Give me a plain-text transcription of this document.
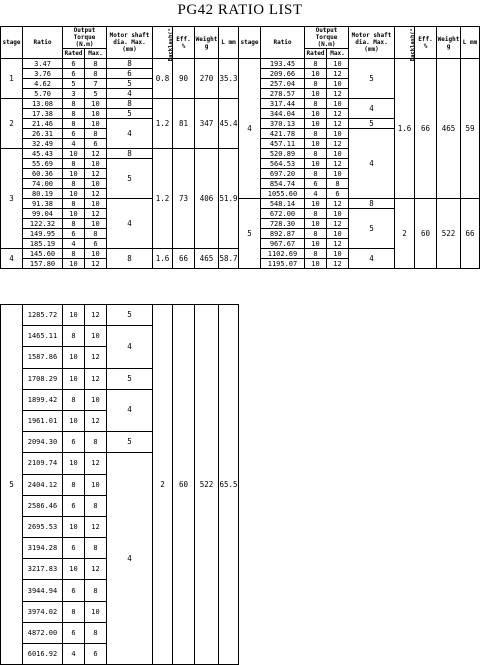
PG42 RATIO LIST
stage	Ratio	Output Torque (N.m)		Motor shaft dia. Max.(mm)	Backlash(°)	Eff. %	Weight g	L mm
		Rated	Max.					
1	3.47	6	8	8	0.8	90	270	35.3
	3.76	6	8	6				
	4.62	5	7	5				
	5.70	3	5	4				
2	13.08	8	10	8	1.2	81	347	45.4
	17.38	8	10	5				
	21.46	8	10	4				
	26.31	6	8					
	32.49	4	6					
3	45.43	10	12	8	1.2	73	406	51.9
	55.69	8	10	5				
	60.36	10	12					
	74.00	8	10					
	80.19	10	12					
	91.38	8	10	4				
	99.04	10	12					
	122.32	8	10					
	149.95	6	8					
	185.19	4	6					
4	145.60	8	10	8	1.6	66	465	58.7
	157.80	10	12					
stage	Ratio	Output Torque (N.m)		Motor shaft dia. Max.(mm)	Backlash(°)	Eff. %	Weight g	L mm
		Rated	Max.					
4	193.45	8	10	5	1.6	66	465	59
	209.66	10	12					
	257.04	8	10					
	278.57	10	12					
	317.44	8	10	4				
	344.04	10	12					
	370.13	10	12	5				
	421.78	8	10	4				
	457.11	10	12					
	520.89	8	10					
	564.53	10	12					
	697.20	8	10					
	854.74	6	8					
	1055.60	4	6					
5	548.14	10	12	8	2	60	522	66
	672.00	8	10	5				
	728.30	10	12					
	892.87	8	10					
	967.67	10	12					
	1102.69	8	10	4				
	1195.07	10	12					
5	1285.72	10	12	5	2	60	522	65.5
	1465.11	8	10	4				
	1587.86	10	12					
	1708.29	10	12	5				
	1899.42	8	10	4				
	1961.01	10	12					
	2094.30	6	8	5				
	2109.74	10	12	4				
	2404.12	8	10					
	2586.46	6	8					
	2695.53	10	12					
	3194.28	6	8					
	3217.83	10	12					
	3944.94	6	8					
	3974.02	8	10					
	4872.00	6	8					
	6016.92	4	6					
